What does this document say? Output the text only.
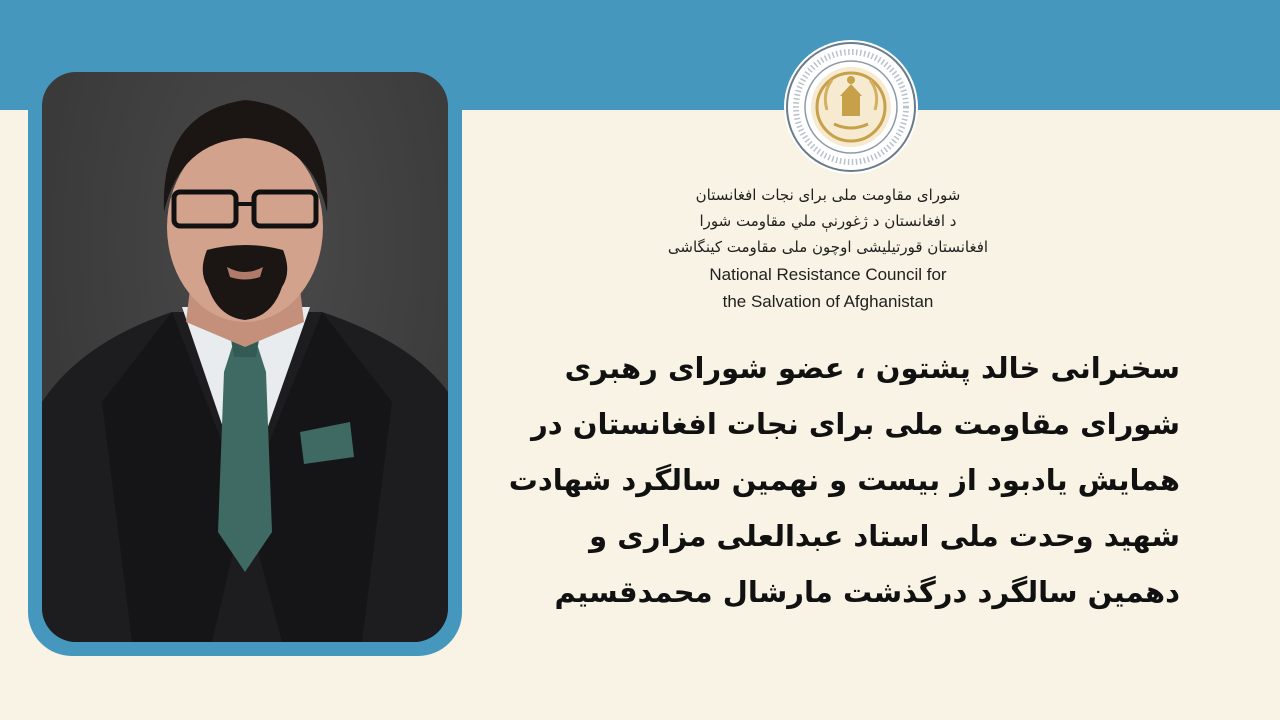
شورای مقاومت ملی برای نجات افغانستان
د افغانستان د ژغورنې ملي مقاومت شورا
افغانستان قورتیلیشی اوچون ملی مقاومت کینگاشی
National Resistance Council for
the Salvation of Afghanistan
سخنرانی خالد پشتون ، عضو شورای رهبری
شورای مقاومت ملی برای نجات افغانستان در
همایش یادبود از بیست و نهمین سالگرد شهادت
شهید وحدت ملی استاد عبدالعلی مزاری و
دهمین سالگرد درگذشت مارشال محمدقسیم
